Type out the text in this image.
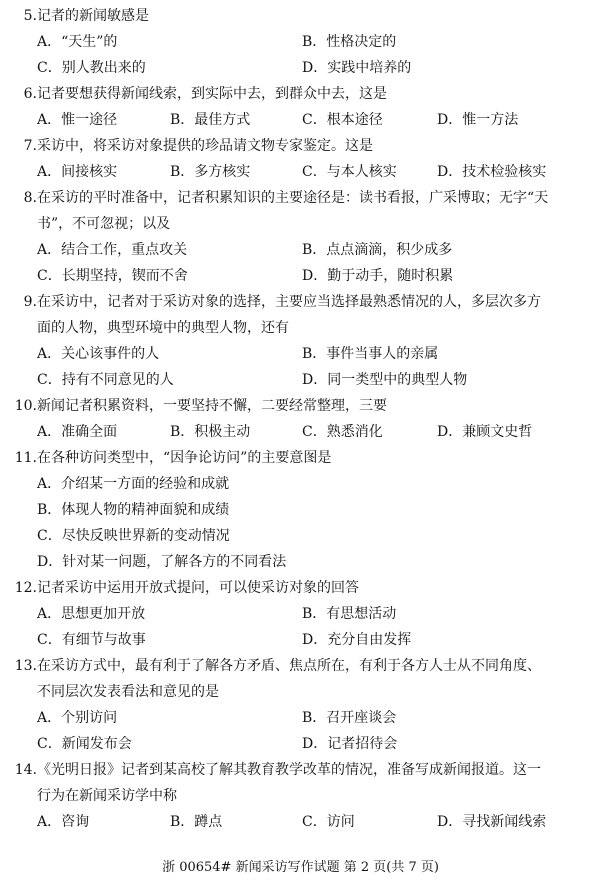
5. 记者的新闻敏感是
A．“天生”的	B．性格决定的
C．别人教出来的	D．实践中培养的
6. 记者要想获得新闻线索，到实际中去，到群众中去，这是
A．惟一途径	B．最佳方式	C．根本途径	D．惟一方法
7. 采访中，将采访对象提供的珍品请文物专家鉴定。这是
A．间接核实	B．多方核实	C．与本人核实	D．技术检验核实
8. 在采访的平时准备中，记者积累知识的主要途径是：读书看报，广采博取；无字“天
书”，不可忽视；以及
A．结合工作，重点攻关	B．点点滴滴，积少成多
C．长期坚持，锲而不舍	D．勤于动手，随时积累
9. 在采访中，记者对于采访对象的选择，主要应当选择最熟悉情况的人，多层次多方
面的人物，典型环境中的典型人物，还有
A．关心该事件的人	B．事件当事人的亲属
C．持有不同意见的人	D．同一类型中的典型人物
10. 新闻记者积累资料，一要坚持不懈，二要经常整理，三要
A．准确全面	B．积极主动	C．熟悉消化	D．兼顾文史哲
11. 在各种访问类型中，“因争论访问”的主要意图是
A．介绍某一方面的经验和成就
B．体现人物的精神面貌和成绩
C．尽快反映世界新的变动情况
D．针对某一问题，了解各方的不同看法
12. 记者采访中运用开放式提问，可以使采访对象的回答
A．思想更加开放	B．有思想活动
C．有细节与故事	D．充分自由发挥
13. 在采访方式中，最有利于了解各方矛盾、焦点所在，有利于各方人士从不同角度、
不同层次发表看法和意见的是
A．个别访问	B．召开座谈会
C．新闻发布会	D．记者招待会
14. 《光明日报》记者到某高校了解其教育教学改革的情况，准备写成新闻报道。这一
行为在新闻采访学中称
A．咨询	B．蹲点	C．访问	D．寻找新闻线索
浙 00654# 新闻采访写作试题 第 2 页(共 7 页)
